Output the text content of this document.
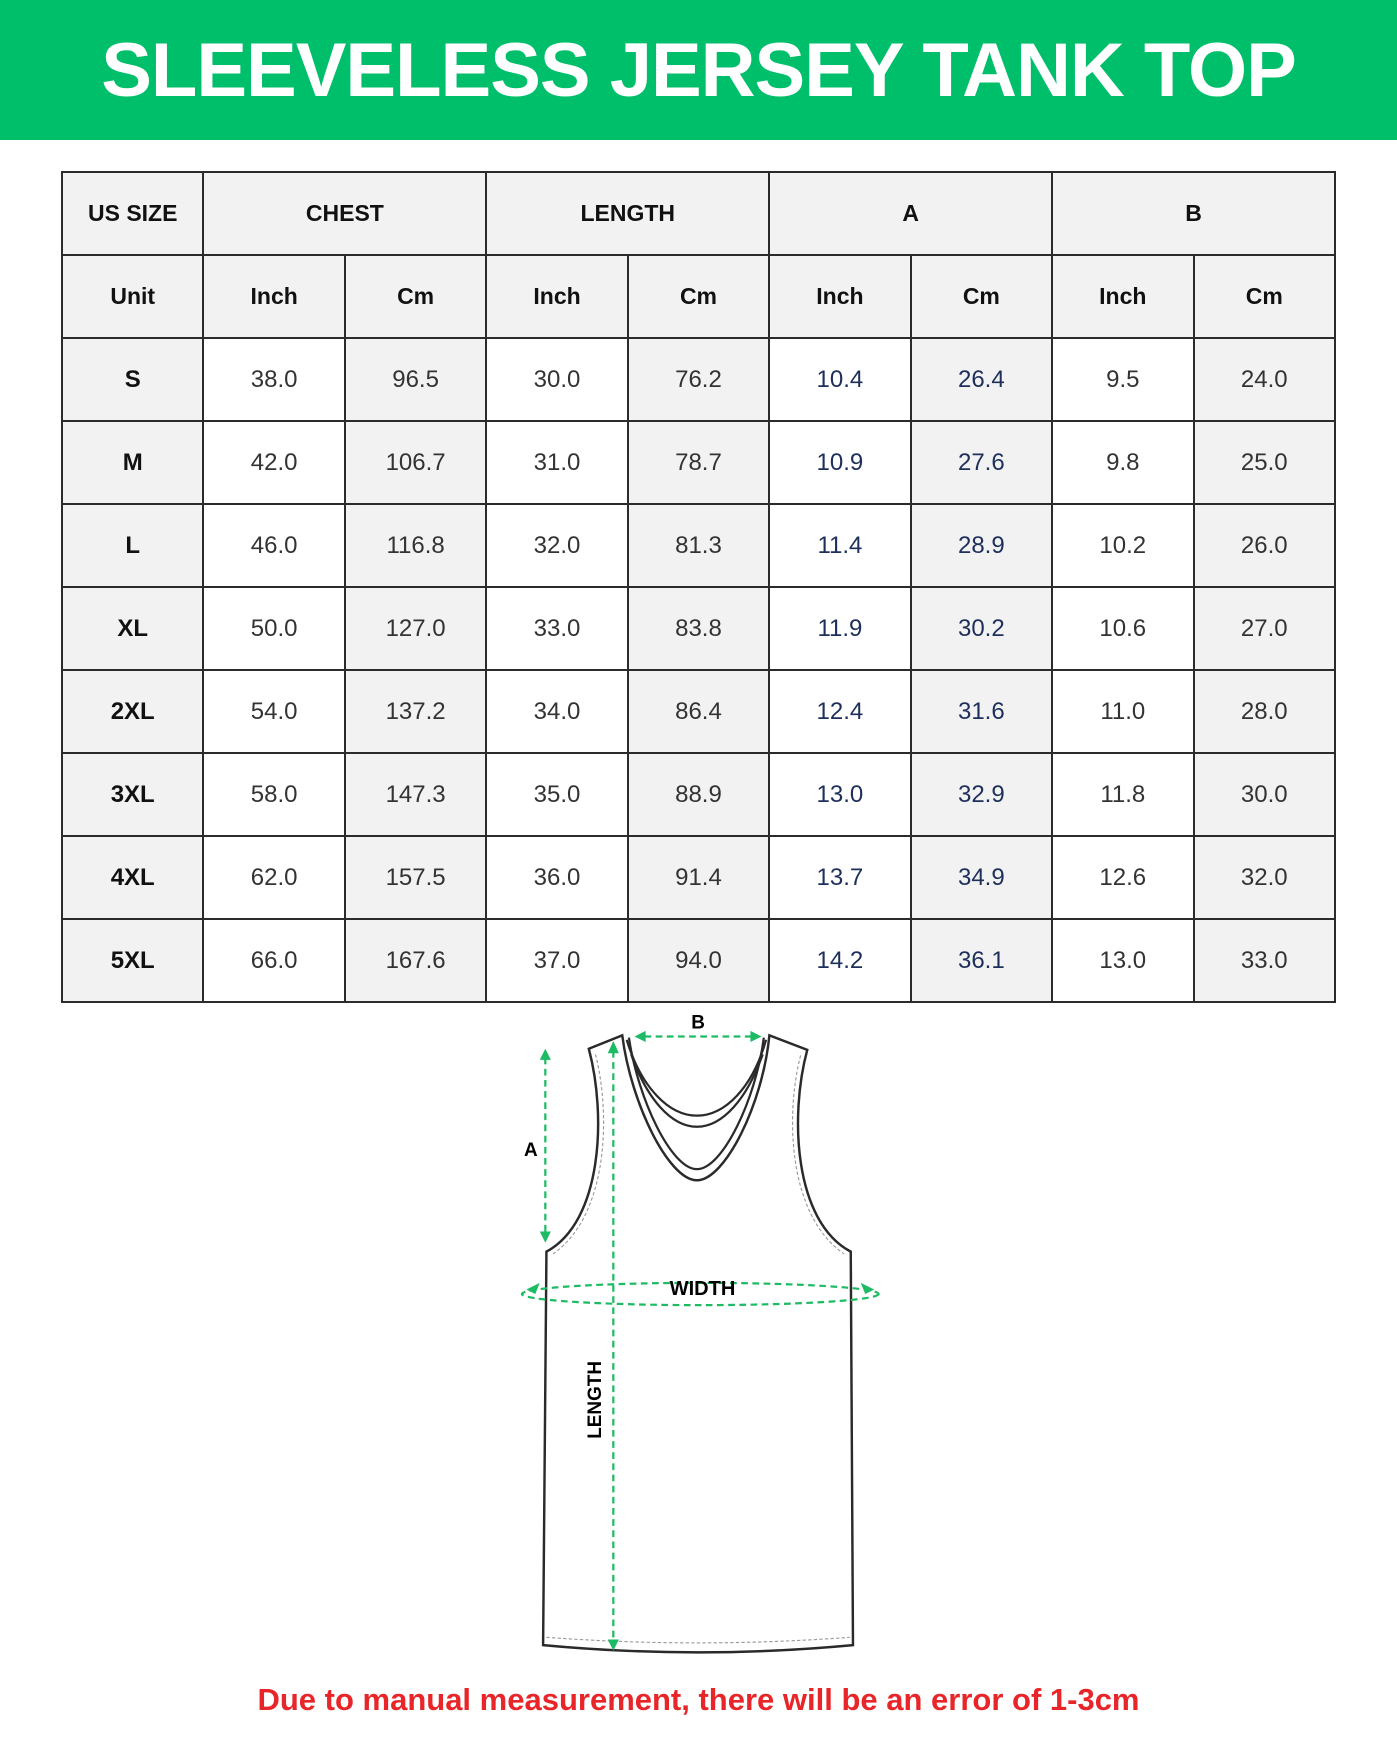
SLEEVELESS JERSEY TANK TOP
US SIZE	CHEST		LENGTH		A		B	
Unit	Inch	Cm	Inch	Cm	Inch	Cm	Inch	Cm
S	38.0	96.5	30.0	76.2	10.4	26.4	9.5	24.0
M	42.0	106.7	31.0	78.7	10.9	27.6	9.8	25.0
L	46.0	116.8	32.0	81.3	11.4	28.9	10.2	26.0
XL	50.0	127.0	33.0	83.8	11.9	30.2	10.6	27.0
2XL	54.0	137.2	34.0	86.4	12.4	31.6	11.0	28.0
3XL	58.0	147.3	35.0	88.9	13.0	32.9	11.8	30.0
4XL	62.0	157.5	36.0	91.4	13.7	34.9	12.6	32.0
5XL	66.0	167.6	37.0	94.0	14.2	36.1	13.0	33.0
A
B
WIDTH
LENGTH
Due to manual measurement, there will be an error of 1-3cm
